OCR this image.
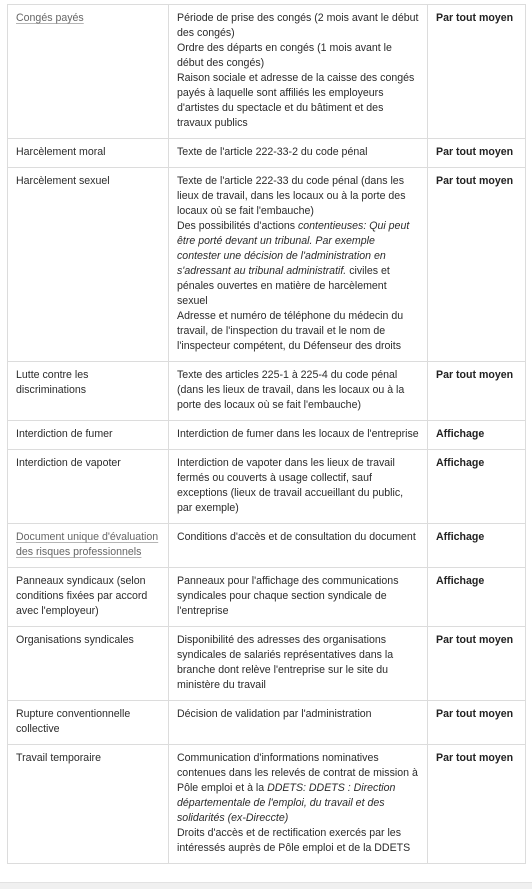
Congés payés	Période de prise des congés (2 mois avant le début des congés)
Ordre des départs en congés (1 mois avant le début des congés)
Raison sociale et adresse de la caisse des congés payés à laquelle sont affiliés les employeurs d'artistes du spectacle et du bâtiment et des travaux publics	Par tout moyen
Harcèlement moral	Texte de l'article 222-33-2 du code pénal	Par tout moyen
Harcèlement sexuel	Texte de l'article 222-33 du code pénal (dans les lieux de travail, dans les locaux ou à la porte des locaux où se fait l'embauche)
Des possibilités d'actions contentieuses: Qui peut être porté devant un tribunal. Par exemple contester une décision de l'administration en s'adressant au tribunal administratif. civiles et pénales ouvertes en matière de harcèlement sexuel
Adresse et numéro de téléphone du médecin du travail, de l'inspection du travail et le nom de l'inspecteur compétent, du Défenseur des droits	Par tout moyen
Lutte contre les discriminations	Texte des articles 225-1 à 225-4 du code pénal (dans les lieux de travail, dans les locaux ou à la porte des locaux où se fait l'embauche)	Par tout moyen
Interdiction de fumer	Interdiction de fumer dans les locaux de l'entreprise	Affichage
Interdiction de vapoter	Interdiction de vapoter dans les lieux de travail fermés ou couverts à usage collectif, sauf exceptions (lieux de travail accueillant du public, par exemple)	Affichage
Document unique d'évaluation des risques professionnels	Conditions d'accès et de consultation du document	Affichage
Panneaux syndicaux (selon conditions fixées par accord avec l'employeur)	Panneaux pour l'affichage des communications syndicales pour chaque section syndicale de l'entreprise	Affichage
Organisations syndicales	Disponibilité des adresses des organisations syndicales de salariés représentatives dans la branche dont relève l'entreprise sur le site du ministère du travail	Par tout moyen
Rupture conventionnelle collective	Décision de validation par l'administration	Par tout moyen
Travail temporaire	Communication d'informations nominatives contenues dans les relevés de contrat de mission à Pôle emploi et à la DDETS: DDETS : Direction départementale de l'emploi, du travail et des solidarités (ex-Direccte)
Droits d'accès et de rectification exercés par les intéressés auprès de Pôle emploi et de la DDETS	Par tout moyen
